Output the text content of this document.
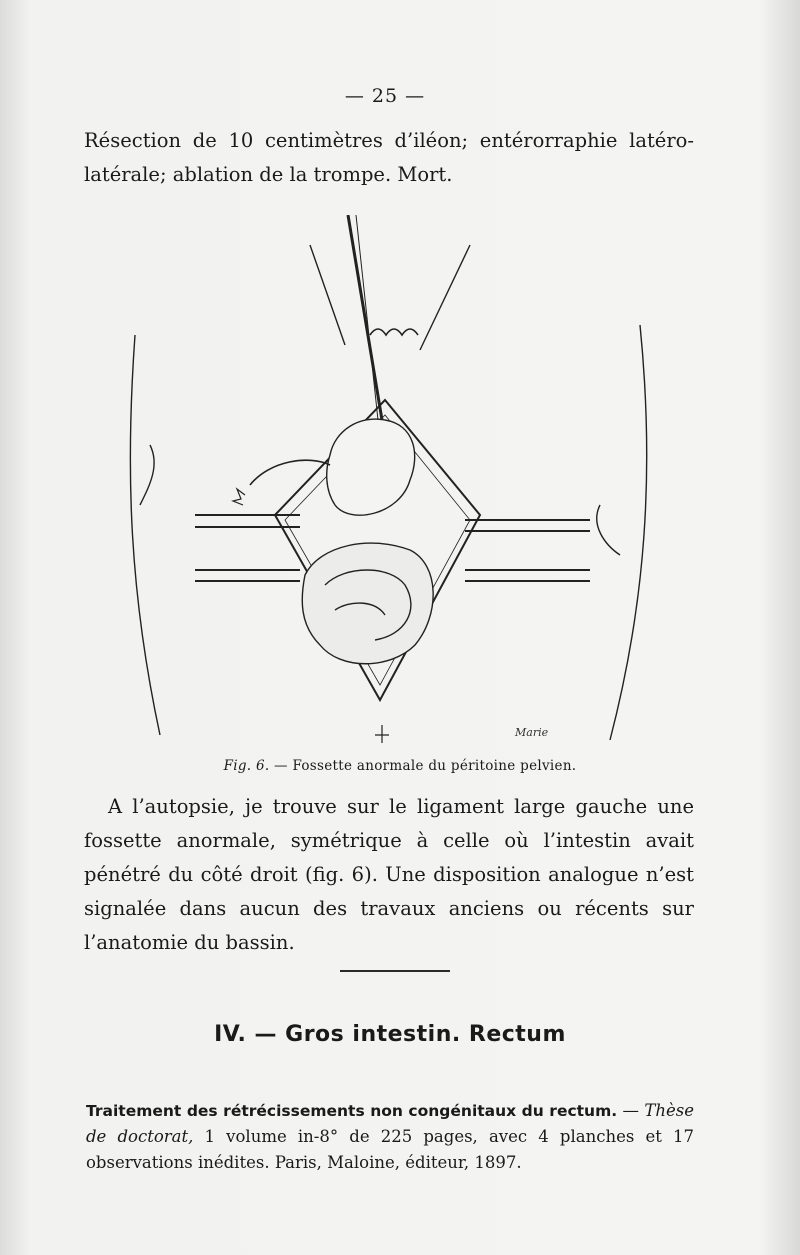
— 25 —
Résection de 10 centimètres d’iléon; entérorraphie latéro-latérale; ablation de la trompe. Mort.
Marie
Fig. 6. — Fossette anormale du péritoine pelvien.
A l’autopsie, je trouve sur le ligament large gauche une fossette anormale, symétrique à celle où l’intestin avait pénétré du côté droit (fig. 6). Une disposition analogue n’est signalée dans aucun des travaux anciens ou récents sur l’anatomie du bassin.
IV. — Gros intestin. Rectum
Traitement des rétrécissements non congénitaux du rectum. — Thèse de doctorat, 1 volume in-8° de 225 pages, avec 4 planches et 17 observations inédites. Paris, Maloine, éditeur, 1897.
